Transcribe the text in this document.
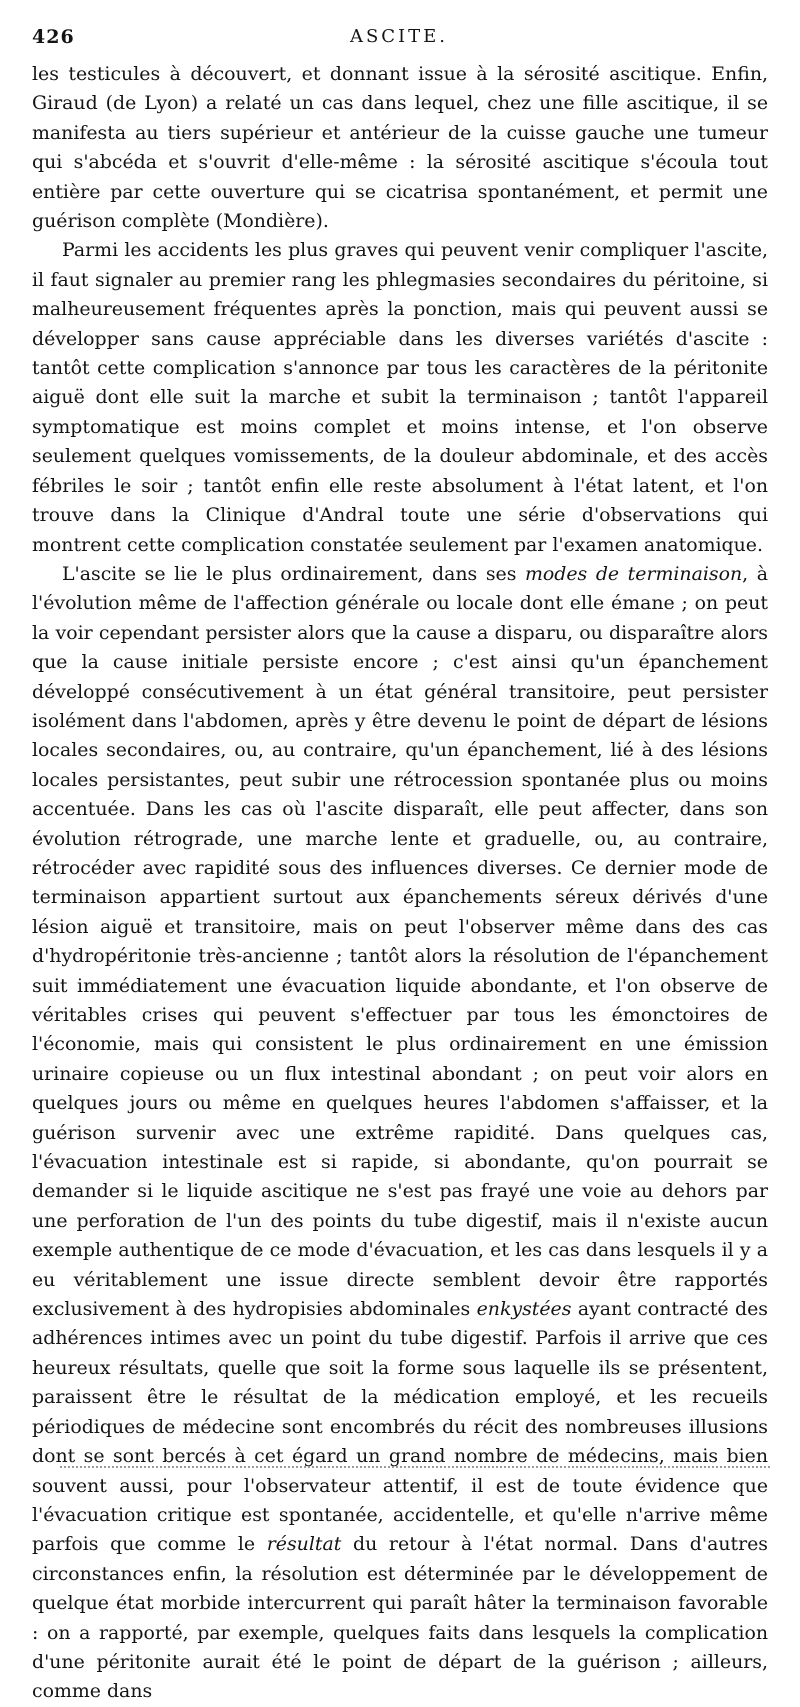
426	ASCITE.

les testicules à découvert, et donnant issue à la sérosité ascitique. Enfin, Giraud (de Lyon) a relaté un cas dans lequel, chez une fille ascitique, il se manifesta au tiers supérieur et antérieur de la cuisse gauche une tumeur qui s'abcéda et s'ouvrit d'elle-même : la sérosité ascitique s'écoula tout entière par cette ouverture qui se cicatrisa spontanément, et permit une guérison complète (Mondière).

Parmi les accidents les plus graves qui peuvent venir compliquer l'ascite, il faut signaler au premier rang les phlegmasies secondaires du péritoine, si malheureusement fréquentes après la ponction, mais qui peuvent aussi se développer sans cause appréciable dans les diverses variétés d'ascite : tantôt cette complication s'annonce par tous les caractères de la péritonite aiguë dont elle suit la marche et subit la terminaison ; tantôt l'appareil symptomatique est moins complet et moins intense, et l'on observe seulement quelques vomissements, de la douleur abdominale, et des accès fébriles le soir ; tantôt enfin elle reste absolument à l'état latent, et l'on trouve dans la Clinique d'Andral toute une série d'observations qui montrent cette complication constatée seulement par l'examen anatomique.

L'ascite se lie le plus ordinairement, dans ses modes de terminaison, à l'évolution même de l'affection générale ou locale dont elle émane ; on peut la voir cependant persister alors que la cause a disparu, ou disparaître alors que la cause initiale persiste encore ; c'est ainsi qu'un épanchement développé consécutivement à un état général transitoire, peut persister isolément dans l'abdomen, après y être devenu le point de départ de lésions locales secondaires, ou, au contraire, qu'un épanchement, lié à des lésions locales persistantes, peut subir une rétrocession spontanée plus ou moins accentuée. Dans les cas où l'ascite disparaît, elle peut affecter, dans son évolution rétrograde, une marche lente et graduelle, ou, au contraire, rétrocéder avec rapidité sous des influences diverses. Ce dernier mode de terminaison appartient surtout aux épanchements séreux dérivés d'une lésion aiguë et transitoire, mais on peut l'observer même dans des cas d'hydropéritonie très-ancienne ; tantôt alors la résolution de l'épanchement suit immédiatement une évacuation liquide abondante, et l'on observe de véritables crises qui peuvent s'effectuer par tous les émonctoires de l'économie, mais qui consistent le plus ordinairement en une émission urinaire copieuse ou un flux intestinal abondant ; on peut voir alors en quelques jours ou même en quelques heures l'abdomen s'affaisser, et la guérison survenir avec une extrême rapidité. Dans quelques cas, l'évacuation intestinale est si rapide, si abondante, qu'on pourrait se demander si le liquide ascitique ne s'est pas frayé une voie au dehors par une perforation de l'un des points du tube digestif, mais il n'existe aucun exemple authentique de ce mode d'évacuation, et les cas dans lesquels il y a eu véritablement une issue directe semblent devoir être rapportés exclusivement à des hydropisies abdominales enkystées ayant contracté des adhérences intimes avec un point du tube digestif. Parfois il arrive que ces heureux résultats, quelle que soit la forme sous laquelle ils se présentent, paraissent être le résultat de la médication employé, et les recueils périodiques de médecine sont encombrés du récit des nombreuses illusions dont se sont bercés à cet égard un grand nombre de médecins, mais bien souvent aussi, pour l'observateur attentif, il est de toute évidence que l'évacuation critique est spontanée, accidentelle, et qu'elle n'arrive même parfois que comme le résultat du retour à l'état normal. Dans d'autres circonstances enfin, la résolution est déterminée par le développement de quelque état morbide intercurrent qui paraît hâter la terminaison favorable : on a rapporté, par exemple, quelques faits dans lesquels la complication d'une péritonite aurait été le point de départ de la guérison ; ailleurs, comme dans
